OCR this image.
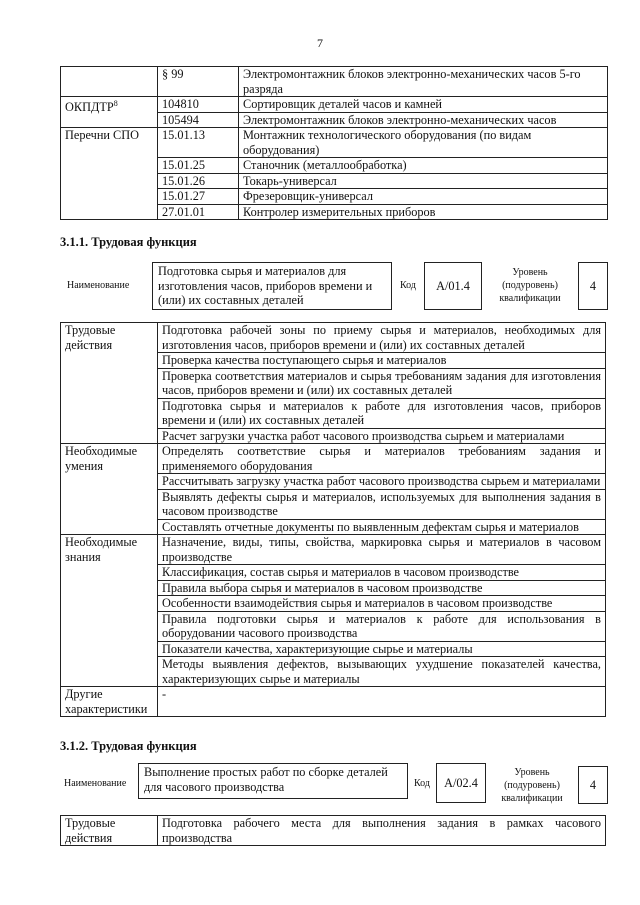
7
	§ 99	Электромонтажник блоков электронно-механических часов 5-го разряда
ОКПДТР$^8$	104810	Сортировщик деталей часов и камней
	105494	Электромонтажник блоков электронно-механических часов
Перечни СПО	15.01.13	Монтажник технологического оборудования (по видам оборудования)
	15.01.25	Станочник (металлообработка)
	15.01.26	Токарь-универсал
	15.01.27	Фрезеровщик-универсал
	27.01.01	Контролер измерительных приборов
3.1.1. Трудовая функция
Наименование
Подготовка сырья и материалов для изготовления часов, приборов времени и (или) их составных деталей
Код	А/01.4
Уровень
(подуровень)
квалификации
4
Трудовые действия	Подготовка рабочей зоны по приему сырья и материалов, необходимых для изготовления часов, приборов времени и (или) их составных деталей
	Проверка качества поступающего сырья и материалов
	Проверка соответствия материалов и сырья требованиям задания для изготовления часов, приборов времени и (или) их составных деталей
	Подготовка сырья и материалов к работе для изготовления часов, приборов времени и (или) их составных деталей
	Расчет загрузки участка работ часового производства сырьем и материалами
Необходимые умения	Определять соответствие сырья и материалов требованиям задания и применяемого оборудования
	Рассчитывать загрузку участка работ часового производства сырьем и материалами
	Выявлять дефекты сырья и материалов, используемых для выполнения задания в часовом производстве
	Составлять отчетные документы по выявленным дефектам сырья и материалов
Необходимые знания	Назначение, виды, типы, свойства, маркировка сырья и материалов в часовом производстве
	Классификация, состав сырья и материалов в часовом производстве
	Правила выбора сырья и материалов в часовом производстве
	Особенности взаимодействия сырья и материалов в часовом производстве
	Правила подготовки сырья и материалов к работе для использования в оборудовании часового производства
	Показатели качества, характеризующие сырье и материалы
	Методы выявления дефектов, вызывающих ухудшение показателей качества, характеризующих сырье и материалы
Другие характеристики	-
3.1.2. Трудовая функция
Наименование
Выполнение простых работ по сборке деталей для часового производства	Код	А/02.4
Уровень
(подуровень)
квалификации
4
Трудовые действия	Подготовка рабочего места для выполнения задания в рамках часового производства
